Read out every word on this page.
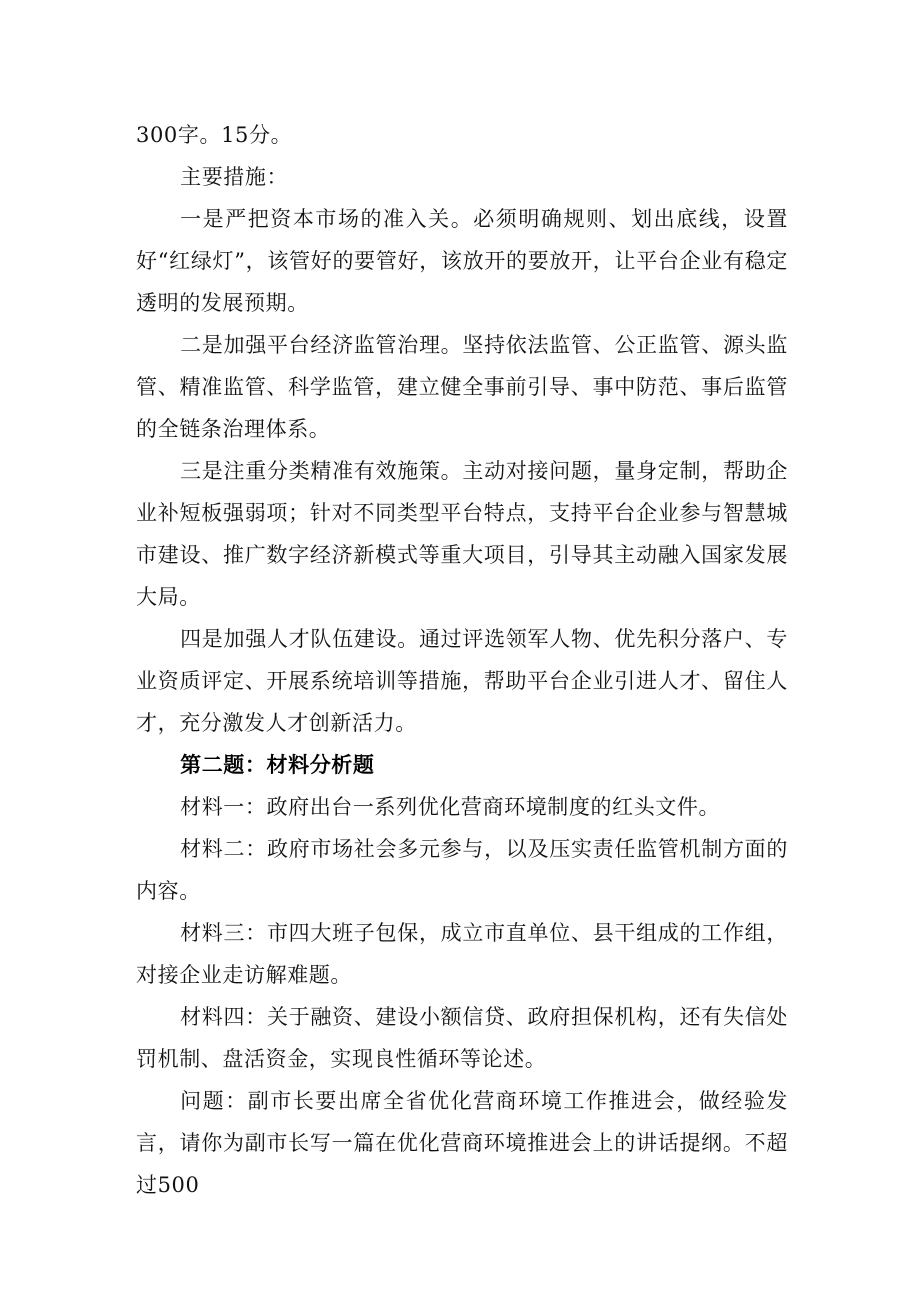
300字。15分。

主要措施：

一是严把资本市场的准入关。必须明确规则、划出底线，设置好“红绿灯”，该管好的要管好，该放开的要放开，让平台企业有稳定透明的发展预期。

二是加强平台经济监管治理。坚持依法监管、公正监管、源头监管、精准监管、科学监管，建立健全事前引导、事中防范、事后监管的全链条治理体系。

三是注重分类精准有效施策。主动对接问题，量身定制，帮助企业补短板强弱项；针对不同类型平台特点，支持平台企业参与智慧城市建设、推广数字经济新模式等重大项目，引导其主动融入国家发展大局。

四是加强人才队伍建设。通过评选领军人物、优先积分落户、专业资质评定、开展系统培训等措施，帮助平台企业引进人才、留住人才，充分激发人才创新活力。

第二题：材料分析题

材料一：政府出台一系列优化营商环境制度的红头文件。

材料二：政府市场社会多元参与，以及压实责任监管机制方面的内容。

材料三：市四大班子包保，成立市直单位、县干组成的工作组，对接企业走访解难题。

材料四：关于融资、建设小额信贷、政府担保机构，还有失信处罚机制、盘活资金，实现良性循环等论述。

问题：副市长要出席全省优化营商环境工作推进会，做经验发言，请你为副市长写一篇在优化营商环境推进会上的讲话提纲。不超过500
